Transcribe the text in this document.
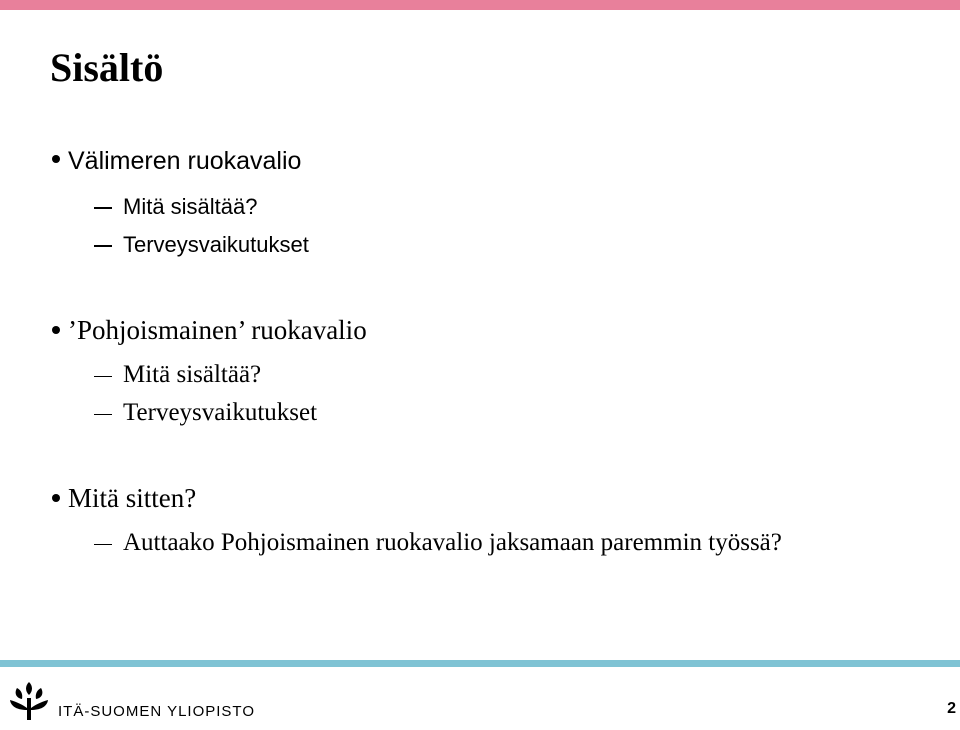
Sisältö
Välimeren ruokavalio
Mitä sisältää?
Terveysvaikutukset
’Pohjoismainen’ ruokavalio
Mitä sisältää?
Terveysvaikutukset
Mitä sitten?
Auttaako Pohjoismainen ruokavalio jaksamaan paremmin työssä?
ITÄ-SUOMEN YLIOPISTO	2
